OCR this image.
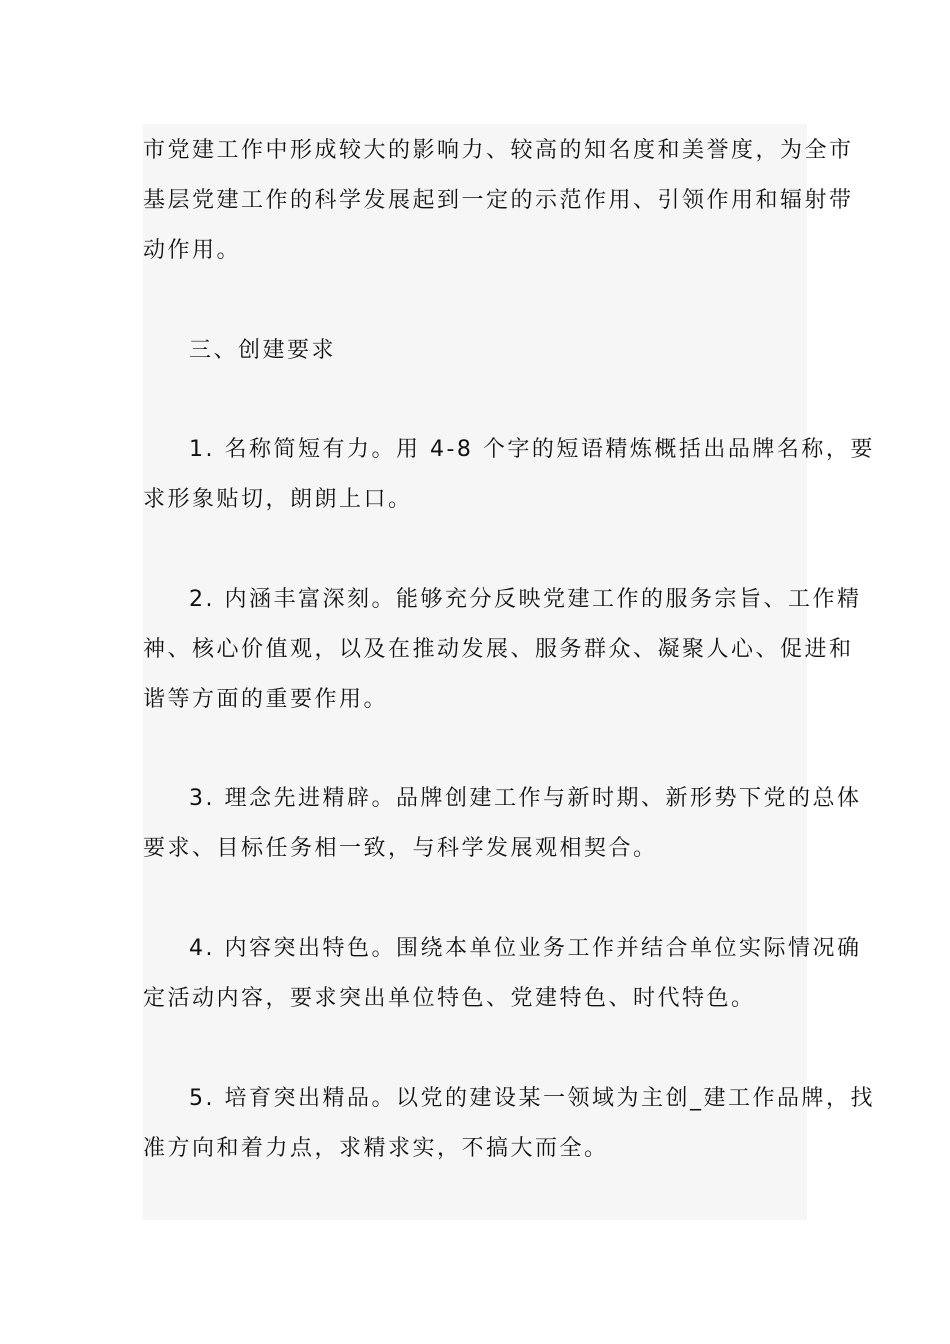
市党建工作中形成较大的影响力、较高的知名度和美誉度，为全市
基层党建工作的科学发展起到一定的示范作用、引领作用和辐射带
动作用。
三、创建要求
1. 名称简短有力。用 4-8 个字的短语精炼概括出品牌名称，要
求形象贴切，朗朗上口。
2. 内涵丰富深刻。能够充分反映党建工作的服务宗旨、工作精
神、核心价值观，以及在推动发展、服务群众、凝聚人心、促进和
谐等方面的重要作用。
3. 理念先进精辟。品牌创建工作与新时期、新形势下党的总体
要求、目标任务相一致，与科学发展观相契合。
4. 内容突出特色。围绕本单位业务工作并结合单位实际情况确
定活动内容，要求突出单位特色、党建特色、时代特色。
5. 培育突出精品。以党的建设某一领域为主创_建工作品牌，找
准方向和着力点，求精求实，不搞大而全。
